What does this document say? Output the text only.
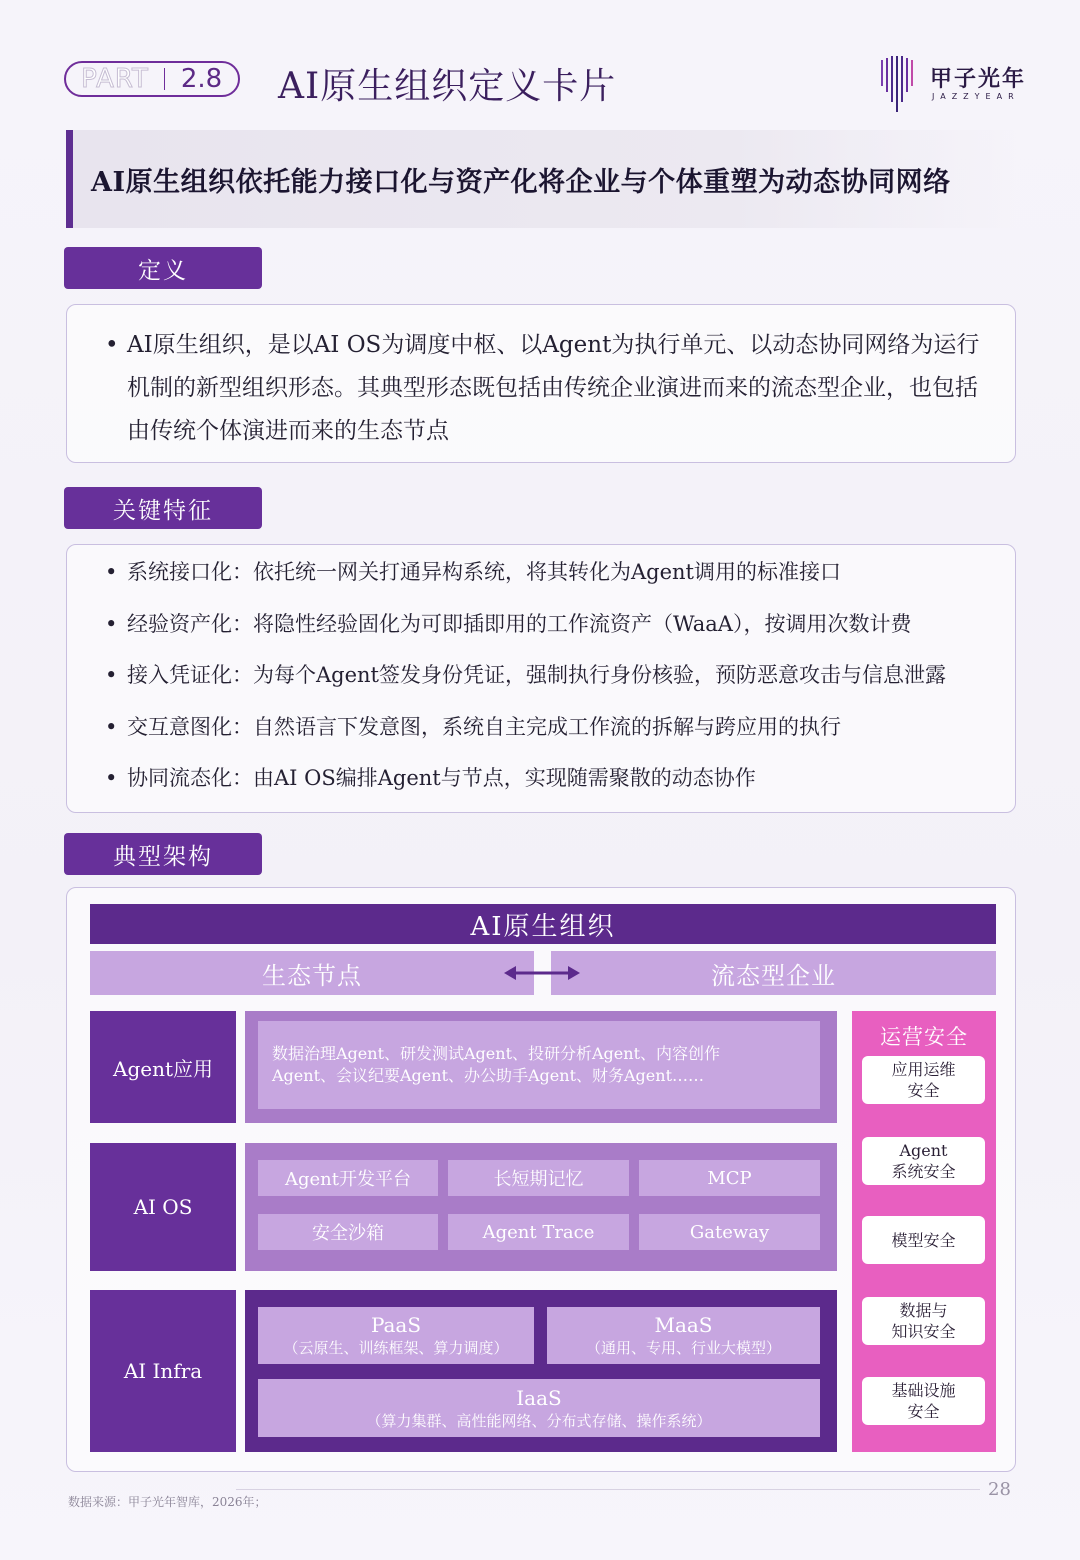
PART	2.8	AI原生组织定义卡片	甲子光年
JAZZYEAR
AI原生组织依托能力接口化与资产化将企业与个体重塑为动态协同网络
定义
• AI原生组织，是以AI OS为调度中枢、以Agent为执行单元、以动态协同网络为运行机制的新型组织形态。其典型形态既包括由传统企业演进而来的流态型企业，也包括由传统个体演进而来的生态节点
关键特征
• 系统接口化：依托统一网关打通异构系统，将其转化为Agent调用的标准接口
• 经验资产化：将隐性经验固化为可即插即用的工作流资产（WaaA），按调用次数计费
• 接入凭证化：为每个Agent签发身份凭证，强制执行身份核验，预防恶意攻击与信息泄露
• 交互意图化：自然语言下发意图，系统自主完成工作流的拆解与跨应用的执行
• 协同流态化：由AI OS编排Agent与节点，实现随需聚散的动态协作
典型架构
AI原生组织
生态节点	流态型企业
Agent应用
数据治理Agent、研发测试Agent、投研分析Agent、内容创作Agent、会议纪要Agent、办公助手Agent、财务Agent……
AI OS
Agent开发平台	长短期记忆	MCP
安全沙箱	Agent Trace	Gateway
AI Infra
PaaS
（云原生、训练框架、算力调度）
MaaS
（通用、专用、行业大模型）
IaaS
（算力集群、高性能网络、分布式存储、操作系统）
运营安全
应用运维
安全
Agent
系统安全
模型安全
数据与
知识安全
基础设施
安全
数据来源：甲子光年智库，2026年；
28
